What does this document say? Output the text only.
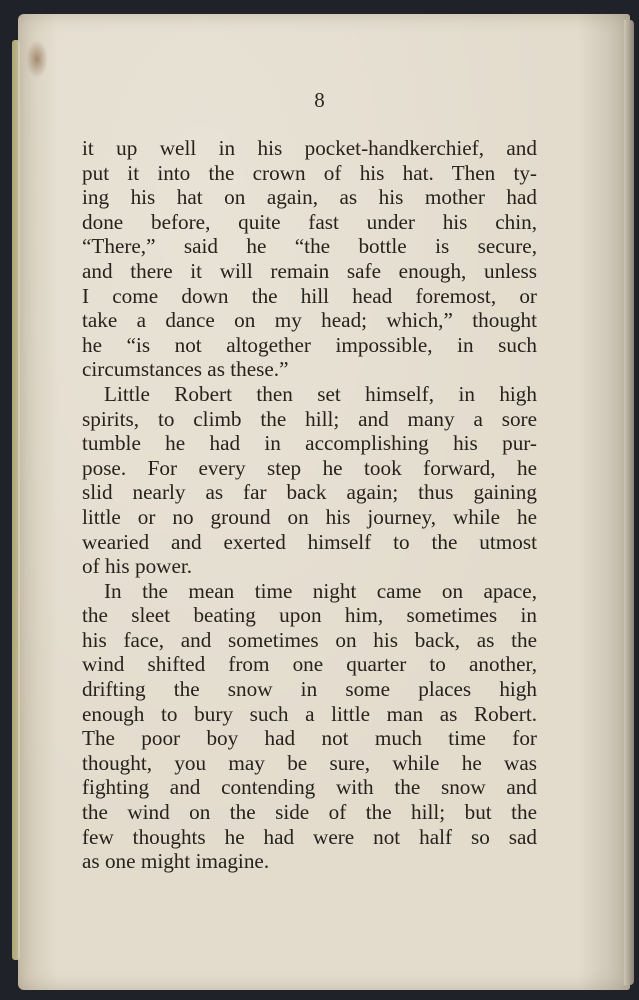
8
it up well in his pocket-handkerchief, and
put it into the crown of his hat. Then ty-
ing his hat on again, as his mother had
done before, quite fast under his chin,
“There,” said he “the bottle is secure,
and there it will remain safe enough, unless
I come down the hill head foremost, or
take a dance on my head; which,” thought
he “is not altogether impossible, in such
circumstances as these.”
Little Robert then set himself, in high
spirits, to climb the hill; and many a sore
tumble he had in accomplishing his pur-
pose. For every step he took forward, he
slid nearly as far back again; thus gaining
little or no ground on his journey, while he
wearied and exerted himself to the utmost
of his power.
In the mean time night came on apace,
the sleet beating upon him, sometimes in
his face, and sometimes on his back, as the
wind shifted from one quarter to another,
drifting the snow in some places high
enough to bury such a little man as Robert.
The poor boy had not much time for
thought, you may be sure, while he was
fighting and contending with the snow and
the wind on the side of the hill; but the
few thoughts he had were not half so sad
as one might imagine.
